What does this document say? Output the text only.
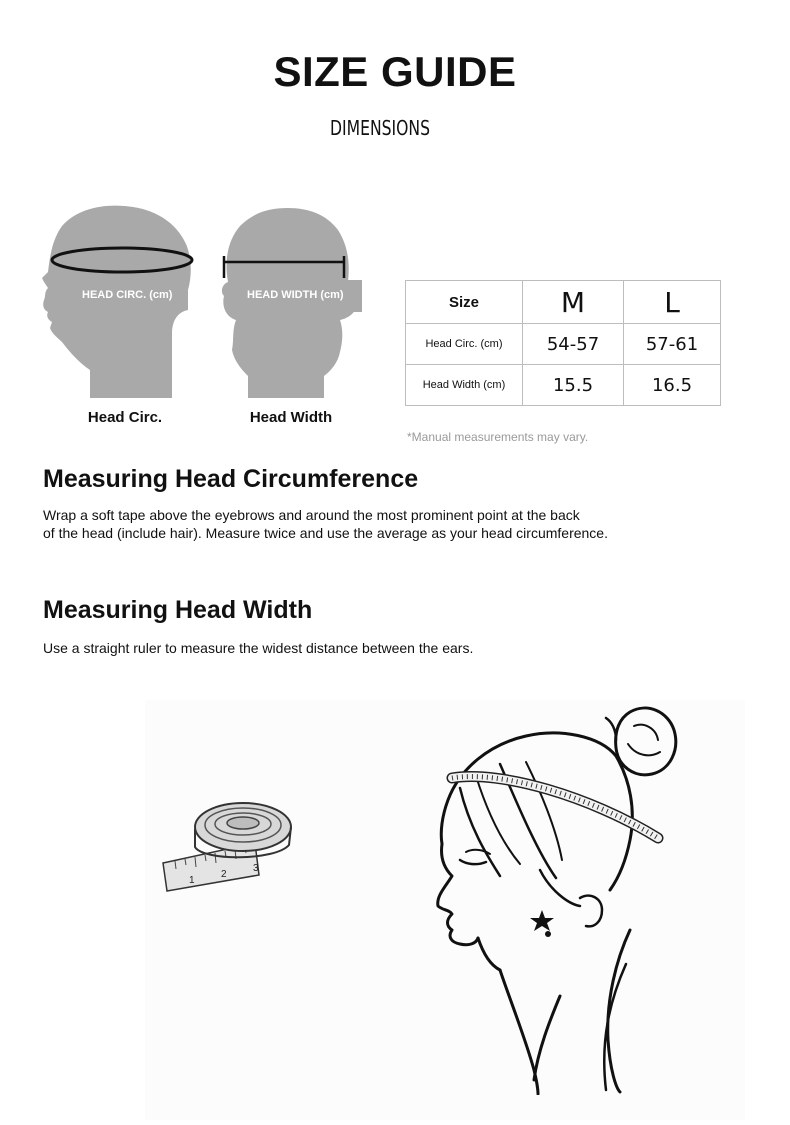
SIZE GUIDE
DIMENSIONS
HEAD CIRC. (cm)
Head Circ.
HEAD WIDTH (cm)
Head Width
Size	M	L
Head Circ. (cm)	54-57	57-61
Head Width (cm)	15.5	16.5
*Manual measurements may vary.
Measuring Head Circumference
Wrap a soft tape above the eyebrows and around the most prominent point at the back
of the head (include hair). Measure twice and use the average as your head circumference.
Measuring Head Width
Use a straight ruler to measure the widest distance between the ears.
1
2
3
